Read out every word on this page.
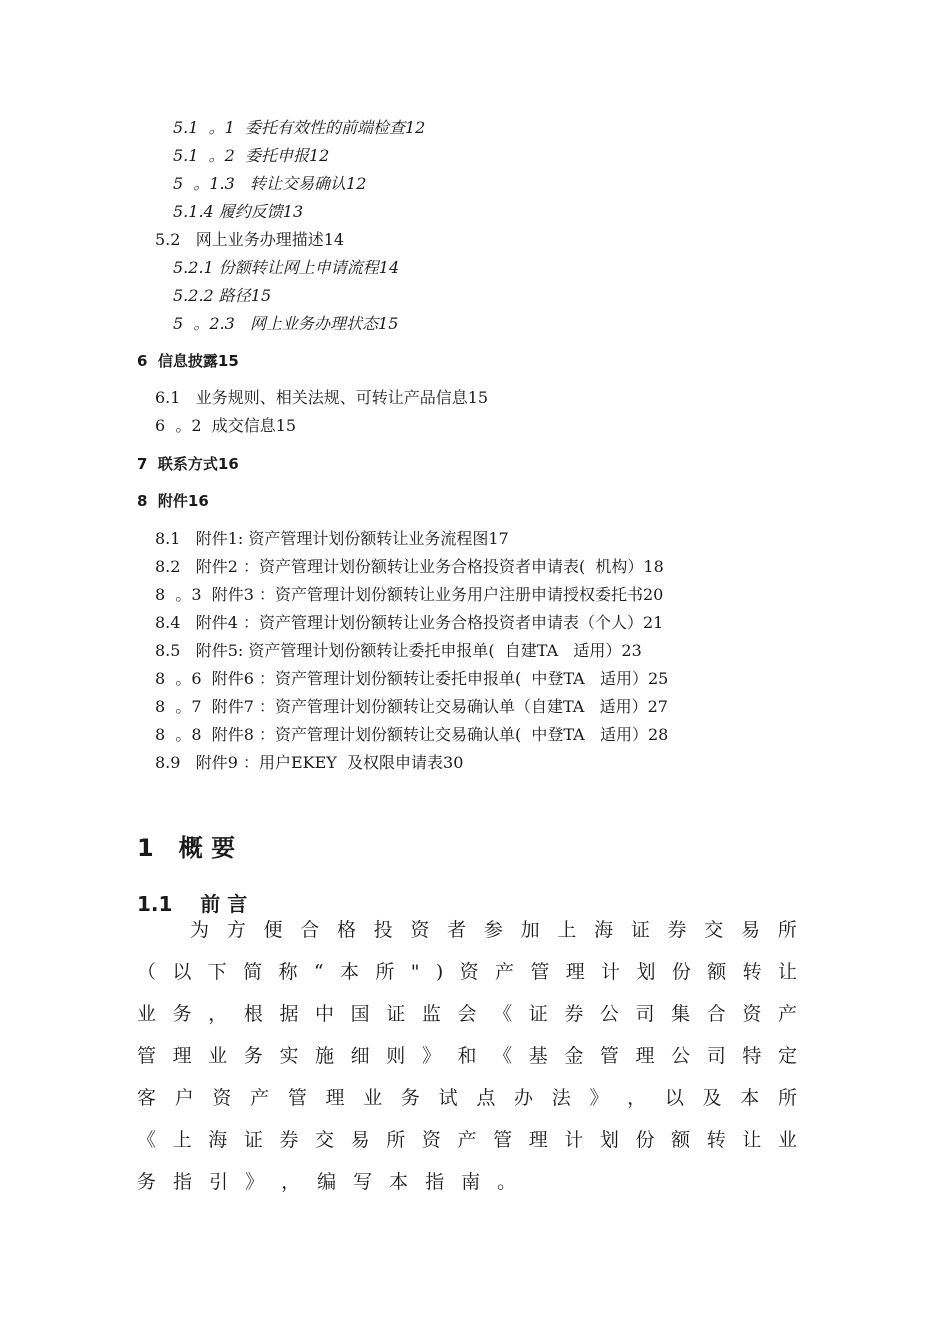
5.1  。1  委托有效性的前端检查12
5.1  。2  委托申报12
5  。1.3   转让交易确认12
5.1.4 履约反馈13
5.2   网上业务办理描述14
5.2.1 份额转让网上申请流程14
5.2.2 路径15
5  。2.3   网上业务办理状态15
6  信息披露15
6.1   业务规则、相关法规、可转让产品信息15
6  。2  成交信息15
7  联系方式16
8  附件16
8.1   附件1: 资产管理计划份额转让业务流程图17
8.2   附件2 ：资产管理计划份额转让业务合格投资者申请表(  机构）18
8  。3  附件3 ：资产管理计划份额转让业务用户注册申请授权委托书20
8.4   附件4 ：资产管理计划份额转让业务合格投资者申请表（个人）21
8.5   附件5: 资产管理计划份额转让委托申报单(  自建TA   适用）23
8  。6  附件6 ：资产管理计划份额转让委托申报单(  中登TA   适用）25
8  。7  附件7 ：资产管理计划份额转让交易确认单（自建TA   适用）27
8  。8  附件8 ：资产管理计划份额转让交易确认单(  中登TA   适用）28
8.9   附件9 ：用户EKEY  及权限申请表30
1   概 要
1.1    前 言
为 方 便 合 格 投 资 者 参 加 上 海 证 券 交 易 所
（ 以 下 简 称 “ 本 所 " ) 资 产 管 理 计 划 份 额 转 让
业 务 ， 根 据 中 国 证 监 会 《 证 券 公 司 集 合 资 产
管 理 业 务 实 施 细 则 》 和 《 基 金 管 理 公 司 特 定
客 户 资 产 管 理 业 务 试 点 办 法 》 ， 以 及 本 所
《 上 海 证 券 交 易 所 资 产 管 理 计 划 份 额 转 让 业
务 指 引 》 ， 编 写 本 指 南 。
